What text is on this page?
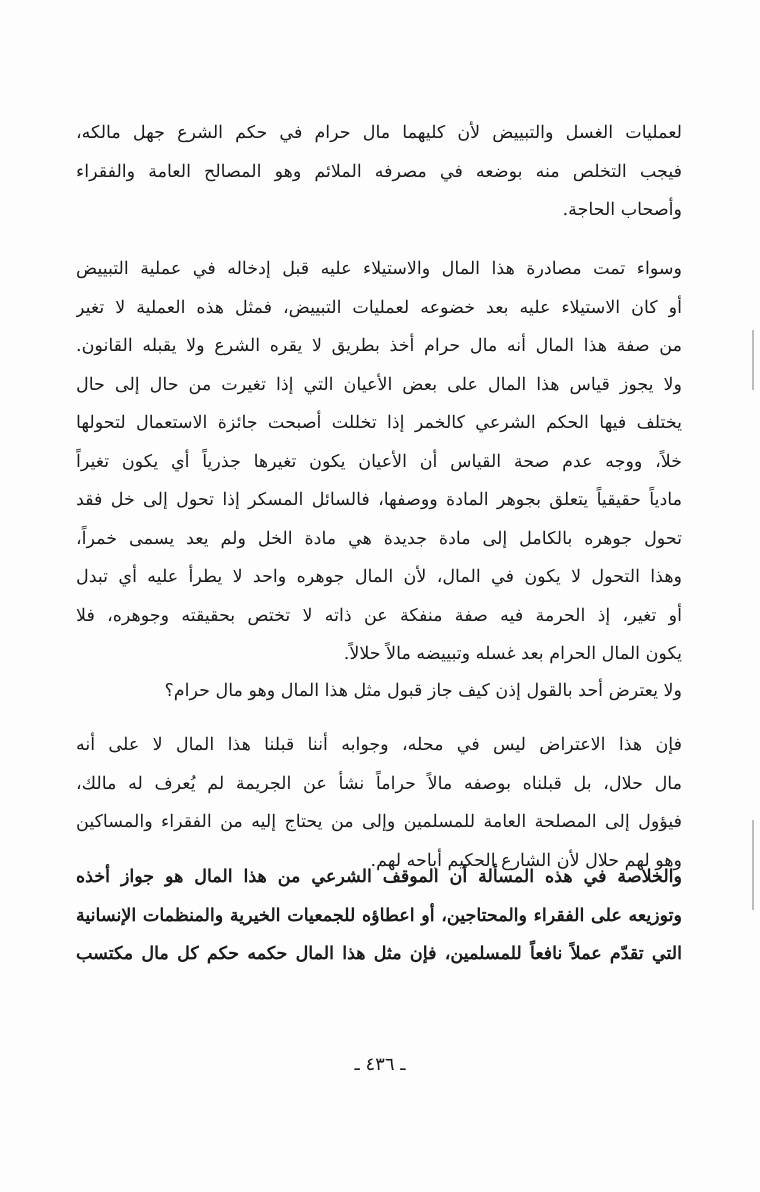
لعمليات الغسل والتبييض لأن كليهما مال حرام في حكم الشرع جهل مالكه،
فيجب التخلص منه بوضعه في مصرفه الملائم وهو المصالح العامة والفقراء
وأصحاب الحاجة.
وسواء تمت مصادرة هذا المال والاستيلاء عليه قبل إدخاله في عملية التبييض
أو كان الاستيلاء عليه بعد خضوعه لعمليات التبييض، فمثل هذه العملية لا تغير
من صفة هذا المال أنه مال حرام أخذ بطريق لا يقره الشرع ولا يقبله القانون.
ولا يجوز قياس هذا المال على بعض الأعيان التي إذا تغيرت من حال إلى حال
يختلف فيها الحكم الشرعي كالخمر إذا تخللت أصبحت جائزة الاستعمال لتحولها
خلاً، ووجه عدم صحة القياس أن الأعيان يكون تغيرها جذرياً أي يكون تغيراً
مادياً حقيقياً يتعلق بجوهر المادة ووصفها، فالسائل المسكر إذا تحول إلى خل فقد
تحول جوهره بالكامل إلى مادة جديدة هي مادة الخل ولم يعد يسمى خمراً،
وهذا التحول لا يكون في المال، لأن المال جوهره واحد لا يطرأ عليه أي تبدل
أو تغير، إذ الحرمة فيه صفة منفكة عن ذاته لا تختص بحقيقته وجوهره، فلا
يكون المال الحرام بعد غسله وتبييضه مالاً حلالاً.
ولا يعترض أحد بالقول إذن كيف جاز قبول مثل هذا المال وهو مال حرام؟
فإن هذا الاعتراض ليس في محله، وجوابه أننا قبلنا هذا المال لا على أنه
مال حلال، بل قبلناه بوصفه مالاً حراماً نشأ عن الجريمة لم يُعرف له مالك،
فيؤول إلى المصلحة العامة للمسلمين وإلى من يحتاج إليه من الفقراء والمساكين
وهو لهم حلال لأن الشارع الحكيم أباحه لهم.
والخلاصة في هذه المسألة أن الموقف الشرعي من هذا المال هو جواز أخذه
وتوزيعه على الفقراء والمحتاجين، أو اعطاؤه للجمعيات الخيرية والمنظمات الإنسانية
التي تقدّم عملاً نافعاً للمسلمين، فإن مثل هذا المال حكمه حكم كل مال مكتسب
ـ ٤٣٦ ـ
